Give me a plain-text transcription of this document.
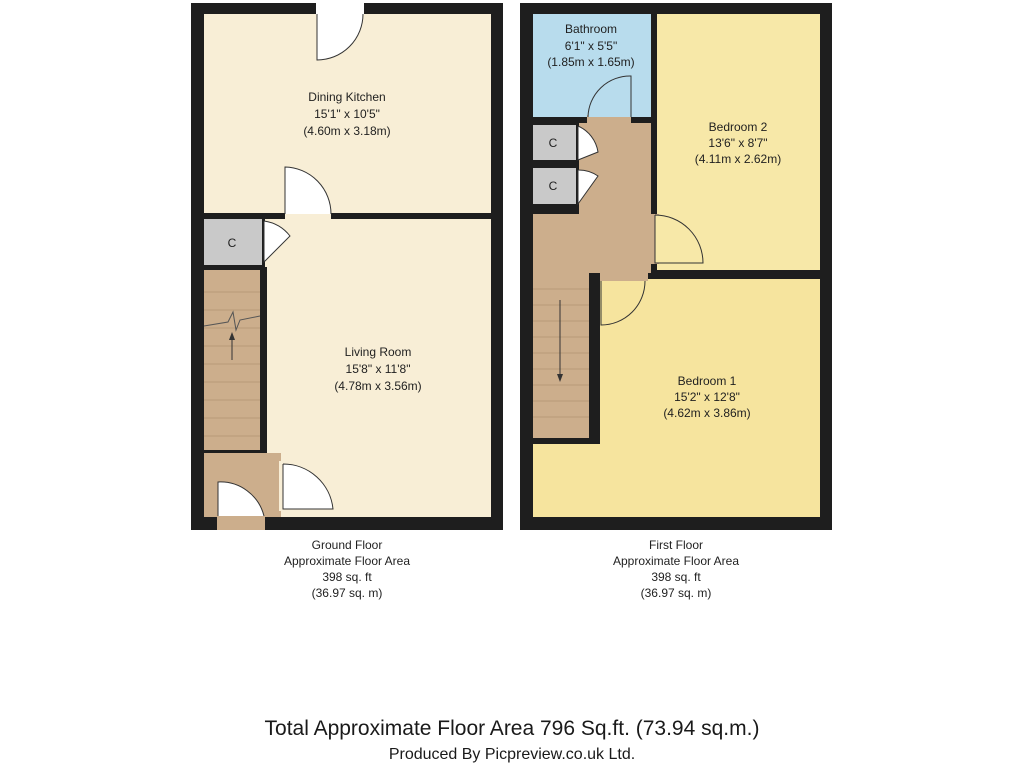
C
Dining Kitchen
15'1" x 10'5"
(4.60m x 3.18m)
Living Room
15'8" x 11'8"
(4.78m x 3.56m)
Bathroom
6'1" x 5'5"
(1.85m x 1.65m)
C
C
Bedroom 2
13'6" x 8'7"
(4.11m x 2.62m)
Bedroom 1
15'2" x 12'8"
(4.62m x 3.86m)
Ground Floor
Approximate Floor Area
398 sq. ft
(36.97 sq. m)
First Floor
Approximate Floor Area
398 sq. ft
(36.97 sq. m)
Total Approximate Floor Area 796 Sq.ft. (73.94 sq.m.)
Produced By Picpreview.co.uk Ltd.
